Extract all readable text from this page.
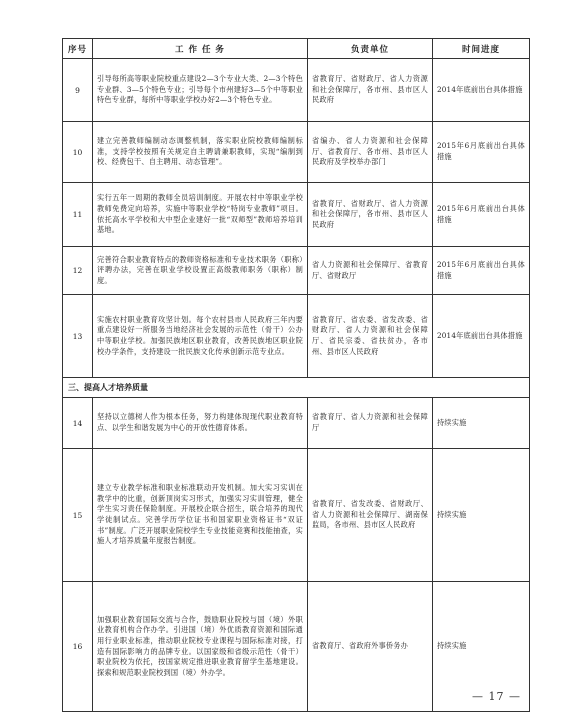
序号	工 作 任 务	负责单位	时间进度
9	引导每所高等职业院校重点建设2—3个专业大类、2—3个特色专业群、3—5个特色专业；引导每个市州建好3—5个中等职业特色专业群，每所中等职业学校办好2—3个特色专业。	省教育厅、省财政厅、省人力资源和社会保障厅，各市州、县市区人民政府	2014年底前出台具体措施
10	建立完善教师编制动态调整机制，落实职业院校教师编制标准，支持学校按照有关规定自主聘请兼职教师，实现“编制到校、经费包干、自主聘用、动态管理”。	省编办、省人力资源和社会保障厅、省教育厅、各市州、县市区人民政府及学校举办部门	2015年6月底前出台具体措施
11	实行五年一周期的教师全员培训制度。开展农村中等职业学校教师免费定向培养，实施中等职业学校“特岗专业教师”项目。依托高水平学校和大中型企业建好一批“双师型”教师培养培训基地。	省教育厅、省财政厅、省人力资源和社会保障厅，各市州、县市区人民政府	2015年6月底前出台具体措施
12	完善符合职业教育特点的教师资格标准和专业技术职务（职称）评聘办法，完善在职业学校设置正高级教师职务（职称）制度。	省人力资源和社会保障厅、省教育厅、省财政厅	2015年6月底前出台具体措施
13	实施农村职业教育攻坚计划。每个农村县市人民政府三年内要重点建设好一所服务当地经济社会发展的示范性（骨干）公办中等职业学校。加强民族地区职业教育，改善民族地区职业院校办学条件，支持建设一批民族文化传承创新示范专业点。	省教育厅、省农委、省发改委、省财政厅、省人力资源和社会保障厅、省民宗委、省扶贫办，各市州、县市区人民政府	2014年底前出台具体措施
三、提高人才培养质量			
14	坚持以立德树人作为根本任务，努力构建体现现代职业教育特点、以学生和谐发展为中心的开放性德育体系。	省教育厅、省人力资源和社会保障厅	持续实施
15	建立专业教学标准和职业标准联动开发机制。加大实习实训在教学中的比重，创新顶岗实习形式，加强实习实训管理，健全学生实习责任保险制度。开展校企联合招生，联合培养的现代学徒制试点。完善学历学位证书和国家职业资格证书“双证书”制度。广泛开展职业院校学生专业技能竞赛和技能抽查，实施人才培养质量年度报告制度。	省教育厅、省发改委、省财政厅、省人力资源和社会保障厅、湖南保监局，各市州、县市区人民政府	持续实施
16	加强职业教育国际交流与合作，鼓励职业院校与国（境）外职业教育机构合作办学。引进国（境）外优质教育资源和国际通用行业职业标准，推动职业院校专业课程与国际标准对接，打造有国际影响力的品牌专业。以国家级和省级示范性（骨干）职业院校为依托，按国家规定推进职业教育留学生基地建设。探索和规范职业院校到国（境）外办学。	省教育厅、省政府外事侨务办	持续实施
— 17 —
